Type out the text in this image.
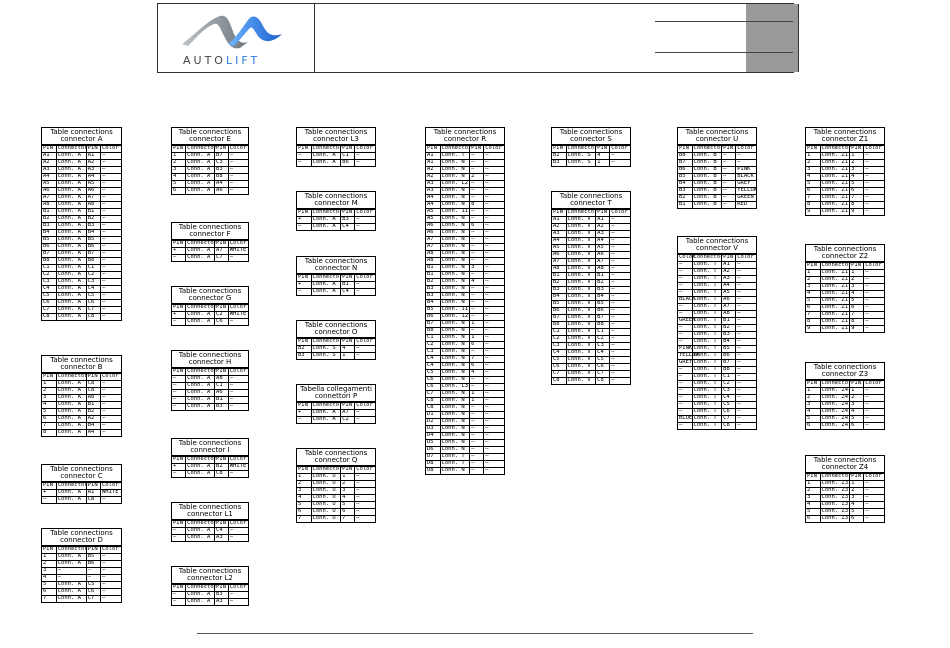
AUTOLIFT
Table connections connector A
PIN	Connector	PIN	Color
A1	Conn. A	A1	–
A2	Conn. A	A2	–
A3	Conn. A	A3	–
A4	Conn. A	A4	–
A5	Conn. A	A5	–
A6	Conn. A	A6	–
A7	Conn. A	A7	–
A8	Conn. A	A8	–
B1	Conn. A	B1	–
B2	Conn. A	B2	–
B3	Conn. A	B3	–
B4	Conn. A	B4	–
B5	Conn. A	B5	–
B6	Conn. A	B6	–
B7	Conn. A	B7	–
B8	Conn. A	B8	–
C1	Conn. A	C1	–
C2	Conn. A	C2	–
C3	Conn. A	C3	–
C4	Conn. A	C4	–
C5	Conn. A	C5	–
C6	Conn. A	C6	–
C7	Conn. A	C7	–
C8	Conn. A	C8	–
Table connections connector B
PIN	Connector	PIN	Color
1	Conn. A	C8	–
2	Conn. A	C8	–
3	Conn. A	A8	–
4	Conn. A	B1	–
5	Conn. A	B2	–
6	Conn. A	A2	–
7	Conn. A	B4	–
8	Conn. A	A4	–
Table connections connector C
PIN	Connector	PIN	Color
+	Conn. A	A1	WHITE
–	Conn. A	C8	–
Table connections connector D
PIN	Connector	PIN	Color
1	Conn. A	B5	–
2	Conn. A	B6	–
3	–	–	–
4	–	–	–
5	Conn. A	C5	–
6	Conn. A	C6	–
7	Conn. A	C7	–
Table connections connector E
PIN	Connector	PIN	Color
1	Conn. A	B7	–
2	Conn. A	C3	–
3	Conn. A	B3	–
4	Conn. A	B8	–
5	Conn. A	A4	–
6	Conn. A	A6	–
Table connections connector F
PIN	Connector	PIN	Color
+	Conn. A	A7	WHITE
–	Conn. A	C7	–
Table connections connector G
PIN	Connector	PIN	Color
+	Conn. A	C2	WHITE
–	Conn. A	C6	–
Table connections connector H
PIN	Connector	PIN	Color
–	Conn. A	A8	–
–	Conn. A	C1	–
–	Conn. A	A6	–
–	Conn. A	B1	–
–	Conn. A	B3	–
Table connections connector I
PIN	Connector	PIN	Color
+	Conn. A	B2	WHITE
–	Conn. A	C8	–
Table connections connector L1
PIN	Connector	PIN	Color
–	Conn. A	C4	–
–	Conn. A	A3	–
Table connections connector L2
PIN	Connector	PIN	Color
–	Conn. A	B3	–
–	Conn. A	A3	–
Table connections connector L3
PIN	Connector	PIN	Color
–	Conn. A	C1	–
–	Conn. A	B6	–
Table connections connector M
PIN	Connector	PIN	Color
+	Conn. A	B3	–
–	Conn. A	C4	–
Table connections connector N
PIN	Connector	PIN	Color
+	Conn. A	B1	–
–	Conn. A	C4	–
Table connections connector O
PIN	Connector	PIN	Color
B2	Conn. S	4	–
B3	Conn. S	1	–
Tabella collegamenti connettori P
PIN	Connector	PIN	Color
+	Conn. A	A7	–
–	Conn. A	C2	–
Table connections connector Q
PIN	Connector	PIN	Color
1	Conn. U	1	–
2	Conn. U	2	–
3	Conn. U	3	–
4	Conn. U	4	–
5	Conn. U	5	–
6	Conn. U	6	–
7	Conn. U	7	–
Table connections connector R
PIN	Connector	PIN	Color
A1	Conn. T	–	–
A1	Conn. N	–	–
A2	Conn. N	–	–
A2	Conn. N	2	–
A3	Conn. L2	–	–
A3	Conn. N	–	–
A4	Conn. N	–	–
A4	Conn. N	8	–
A5	Conn. 11	–	–
A5	Conn. N	–	–
A6	Conn. N	6	–
A6	Conn. N	–	–
A7	Conn. N	–	–
A7	Conn. N	–	–
A8	Conn. N	–	–
A8	Conn. N	–	–
B1	Conn. N	3	–
B1	Conn. N	–	–
B2	Conn. N	4	–
B3	Conn. N	–	–
B3	Conn. N	–	–
B4	Conn. N	–	–
B5	Conn. 11	–	–
B6	Conn. 12	–	–
B7	Conn. N	1	–
B8	Conn. N	–	–
C1	Conn. N	1	–
C2	Conn. N	6	–
C3	Conn. N	–	–
C4	Conn. N	7	–
C4	Conn. N	6	–
C5	Conn. N	4	–
C6	Conn. N	–	–
C6	Conn. L3	–	–
C7	Conn. N	1	–
C8	Conn. N	1	–
C8	Conn. N	–	–
D1	Conn. N	–	–
D2	Conn. N	–	–
D3	Conn. N	–	–
D4	Conn. N	–	–
D5	Conn. N	–	–
D6	Conn. N	–	–
D7	Conn. T	–	–
D8	Conn. T	–	–
D8	Conn. N	–	–
Table connections connector S
PIN	Connector	PIN	Color
B2	Conn. S	4	–
B3	Conn. S	1	–
Table connections connector T
PIN	Connector	PIN	Color
A1	Conn. V	A1	–
A2	Conn. V	A2	–
A3	Conn. V	A3	–
A4	Conn. V	A4	–
A5	Conn. V	A5	–
A6	Conn. V	A6	–
A7	Conn. V	A7	–
A8	Conn. V	A8	–
B1	Conn. V	B1	–
B2	Conn. V	B2	–
B3	Conn. V	B3	–
B4	Conn. V	B4	–
B5	Conn. V	B5	–
B6	Conn. V	B6	–
B7	Conn. V	B7	–
B8	Conn. V	B8	–
C1	Conn. V	C1	–
C2	Conn. V	C2	–
C3	Conn. V	C3	–
C4	Conn. V	C4	–
C5	Conn. V	C5	–
C6	Conn. V	C6	–
C7	Conn. V	C7	–
C8	Conn. V	C8	–
Table connections connector U
PIN	Connector	PIN	Color
B8	Conn. B	–	–
B7	Conn. B	–	–
B6	Conn. B	–	PINK
B5	Conn. B	–	BLACK
B4	Conn. B	–	GREY
B3	Conn. B	–	YELLOW
B2	Conn. B	–	GREEN
B1	Conn. B	–	RED
Table connections connector V
Color	Connector	PIN	Color
–	Conn. T	A1	–
–	Conn. T	A2	–
–	Conn. T	A3	–
–	Conn. T	A4	–
–	Conn. T	A5	–
BLACK	Conn. T	A6	–
–	Conn. T	A7	–
–	Conn. T	A8	–
GREEN	Conn. T	B1	–
–	Conn. T	B2	–
–	Conn. T	B3	–
–	Conn. T	B4	–
PINK	Conn. T	B5	–
YELLOW	Conn. T	B6	–
GREY	Conn. T	B7	–
–	Conn. T	B8	–
–	Conn. T	C1	–
–	Conn. T	C2	–
–	Conn. T	C3	–
–	Conn. T	C4	–
–	Conn. T	C5	–
–	Conn. T	C6	–
BLUE	Conn. T	C7	–
–	Conn. T	C8	–
Table connections connector Z1
PIN	Connector	PIN	Color
1	Conn. Z1	1	–
2	Conn. Z1	2	–
3	Conn. Z1	3	–
4	Conn. Z1	4	–
5	Conn. Z1	5	–
6	Conn. Z1	6	–
7	Conn. Z1	7	–
8	Conn. Z1	8	–
9	Conn. Z1	9	–
Table connections connector Z2
PIN	Connector	PIN	Color
1	Conn. Z1	1	–
2	Conn. Z1	2	–
3	Conn. Z1	3	–
4	Conn. Z1	4	–
5	Conn. Z1	5	–
6	Conn. Z1	6	–
7	Conn. Z1	7	–
8	Conn. Z1	8	–
9	Conn. Z1	9	–
Table connections connector Z3
PIN	Connector	PIN	Color
1	Conn. Z4	1	–
2	Conn. Z4	2	–
3	Conn. Z4	3	–
4	Conn. Z4	4	–
5	Conn. Z4	5	–
6	Conn. Z4	6	–
Table connections connector Z4
PIN	Connector	PIN	Color
1	Conn. Z3	1	–
2	Conn. Z3	2	–
3	Conn. Z3	3	–
4	Conn. Z3	4	–
5	Conn. Z3	5	–
6	Conn. Z3	6	–
